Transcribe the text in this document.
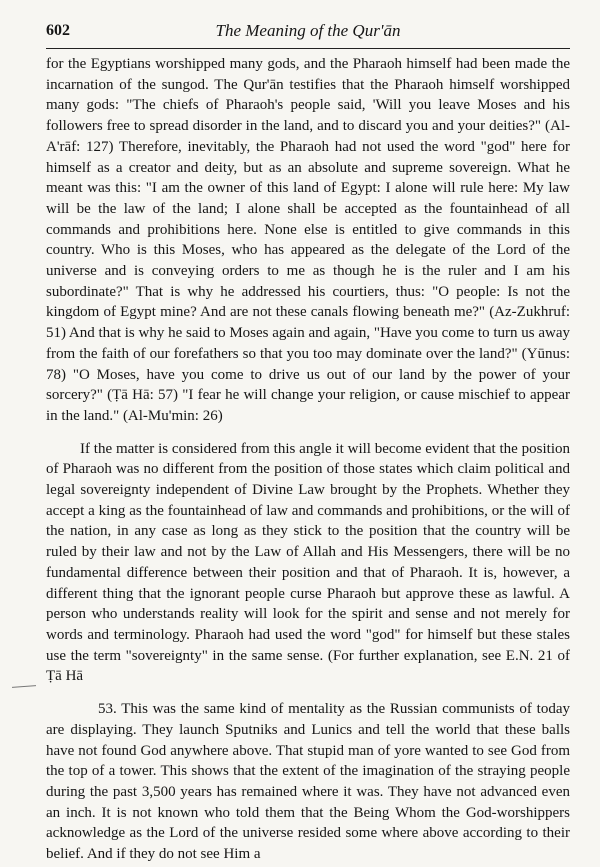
602	The Meaning of the Qur'ān

for the Egyptians worshipped many gods, and the Pharaoh himself had been made the incarnation of the sungod. The Qur'ān testifies that the Pharaoh himself worshipped many gods: "The chiefs of Pharaoh's people said, 'Will you leave Moses and his followers free to spread disorder in the land, and to discard you and your deities?" (Al-A'rāf: 127) Therefore, inevitably, the Pharaoh had not used the word "god" here for himself as a creator and deity, but as an absolute and supreme sovereign. What he meant was this: "I am the owner of this land of Egypt: I alone will rule here: My law will be the law of the land; I alone shall be accepted as the fountainhead of all commands and prohibitions here. None else is entitled to give commands in this country. Who is this Moses, who has appeared as the delegate of the Lord of the universe and is conveying orders to me as though he is the ruler and I am his subordinate?" That is why he addressed his courtiers, thus: "O people: Is not the kingdom of Egypt mine? And are not these canals flowing beneath me?" (Az-Zukhruf: 51) And that is why he said to Moses again and again, "Have you come to turn us away from the faith of our forefathers so that you too may dominate over the land?" (Yūnus: 78) "O Moses, have you come to drive us out of our land by the power of your sorcery?" (Ṭā Hā: 57) "I fear he will change your religion, or cause mischief to appear in the land." (Al-Mu'min: 26)

If the matter is considered from this angle it will become evident that the position of Pharaoh was no different from the position of those states which claim political and legal sovereignty independent of Divine Law brought by the Prophets. Whether they accept a king as the fountainhead of law and commands and prohibitions, or the will of the nation, in any case as long as they stick to the position that the country will be ruled by their law and not by the Law of Allah and His Messengers, there will be no fundamental difference between their position and that of Pharaoh. It is, however, a different thing that the ignorant people curse Pharaoh but approve these as lawful. A person who understands reality will look for the spirit and sense and not merely for words and terminology. Pharaoh had used the word "god" for himself but these stales use the term "sovereignty" in the same sense. (For further explanation, see E.N. 21 of Ṭā Hā

53. This was the same kind of mentality as the Russian communists of today are displaying. They launch Sputniks and Lunics and tell the world that these balls have not found God anywhere above. That stupid man of yore wanted to see God from the top of a tower. This shows that the extent of the imagination of the straying people during the past 3,500 years has remained where it was. They have not advanced even an inch. It is not known who told them that the Being Whom the God-worshippers acknowledge as the Lord of the universe resided some where above according to their belief. And if they do not see Him a
